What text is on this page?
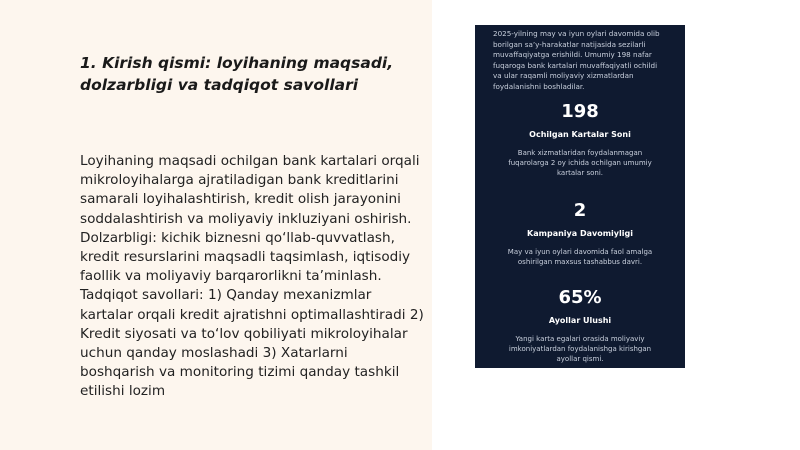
1. Kirish qismi: loyihaning maqsadi, dolzarbligi va tadqiqot savollari

Loyihaning maqsadi ochilgan bank kartalari orqali mikroloyihalarga ajratiladigan bank kreditlarini samarali loyihalashtirish, kredit olish jarayonini soddalashtirish va moliyaviy inkluziyani oshirish. Dolzarbligi: kichik biznesni qo‘llab-quvvatlash, kredit resurslarini maqsadli taqsimlash, iqtisodiy faollik va moliyaviy barqarorlikni ta’minlash. Tadqiqot savollari: 1) Qanday mexanizmlar kartalar orqali kredit ajratishni optimallashtiradi 2) Kredit siyosati va to‘lov qobiliyati mikroloyihalar uchun qanday moslashadi 3) Xatarlarni boshqarish va monitoring tizimi qanday tashkil etilishi lozim

2025-yilning may va iyun oylari davomida olib borilgan sa’y-harakatlar natijasida sezilarli muvaffaqiyatga erishildi. Umumiy 198 nafar fuqaroga bank kartalari muvaffaqiyatli ochildi va ular raqamli moliyaviy xizmatlardan foydalanishni boshladilar.

198
Ochilgan Kartalar Soni
Bank xizmatlaridan foydalanmagan fuqarolarga 2 oy ichida ochilgan umumiy kartalar soni.
2
Kampaniya Davomiyligi
May va iyun oylari davomida faol amalga oshirilgan maxsus tashabbus davri.
65%
Ayollar Ulushi
Yangi karta egalari orasida moliyaviy imkoniyatlardan foydalanishga kirishgan ayollar qismi.
